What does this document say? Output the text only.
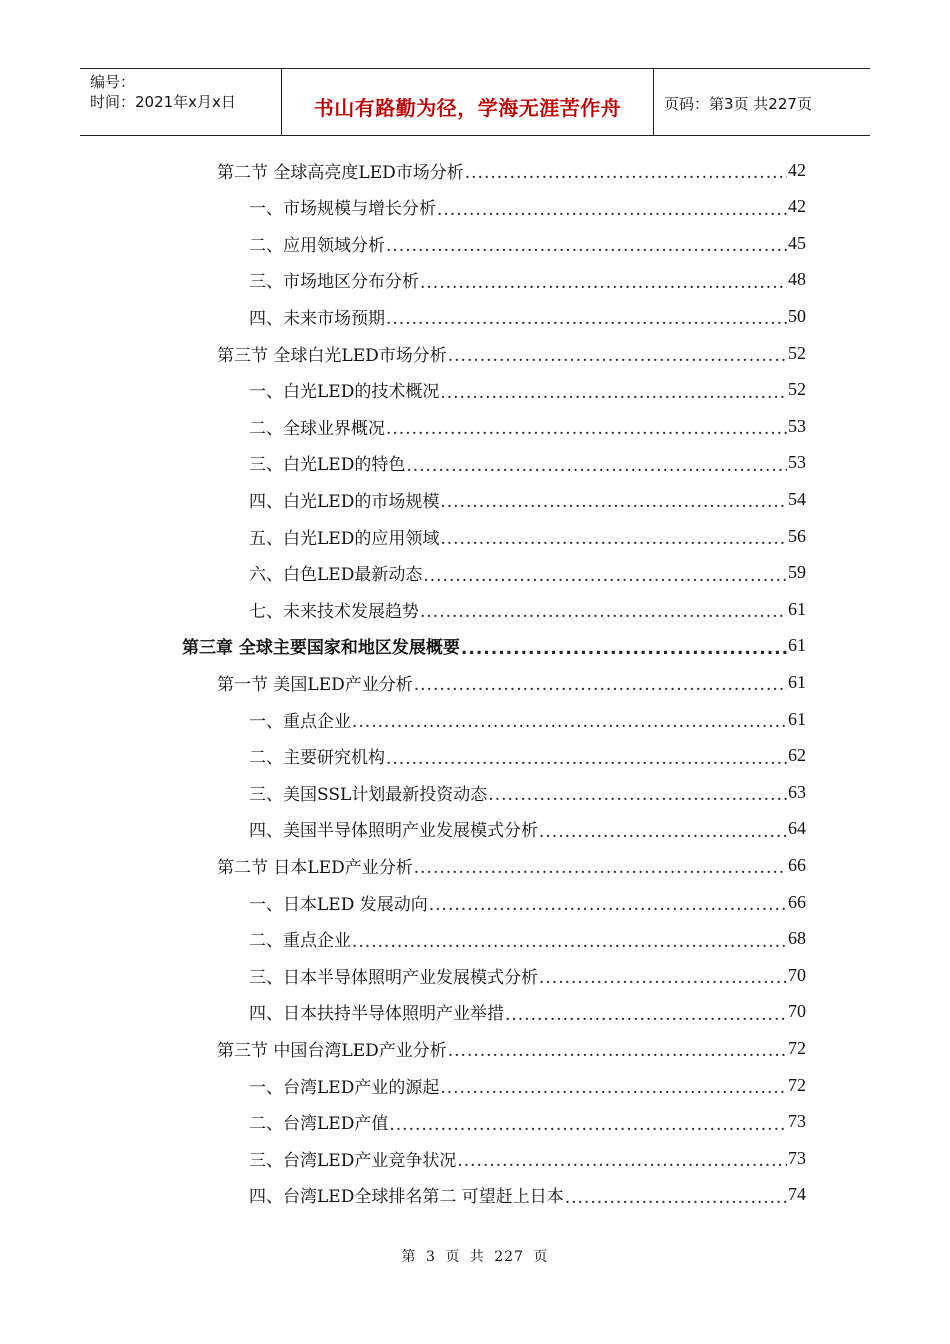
编号：
时间：2021年x月x日	书山有路勤为径，学海无涯苦作舟	页码：第3页 共227页
第二节 全球高亮度LED市场分析 .....	42
一、市场规模与增长分析 .....	42
二、应用领域分析 .....	45
三、市场地区分布分析 .....	48
四、未来市场预期 .....	50
第三节 全球白光LED市场分析 .....	52
一、白光LED的技术概况 .....	52
二、全球业界概况 .....	53
三、白光LED的特色 .....	53
四、白光LED的市场规模 .....	54
五、白光LED的应用领域 .....	56
六、白色LED最新动态 .....	59
七、未来技术发展趋势 .....	61
第三章 全球主要国家和地区发展概要 .....	61
第一节 美国LED产业分析 .....	61
一、重点企业 .....	61
二、主要研究机构 .....	62
三、美国SSL计划最新投资动态 .....	63
四、美国半导体照明产业发展模式分析 .....	64
第二节 日本LED产业分析 .....	66
一、日本LED 发展动向 .....	66
二、重点企业 .....	68
三、日本半导体照明产业发展模式分析 .....	70
四、日本扶持半导体照明产业举措 .....	70
第三节 中国台湾LED产业分析 .....	72
一、台湾LED产业的源起 .....	72
二、台湾LED产值 .....	73
三、台湾LED产业竞争状况 .....	73
四、台湾LED全球排名第二 可望赶上日本 .....	74
第 3 页 共 227 页
